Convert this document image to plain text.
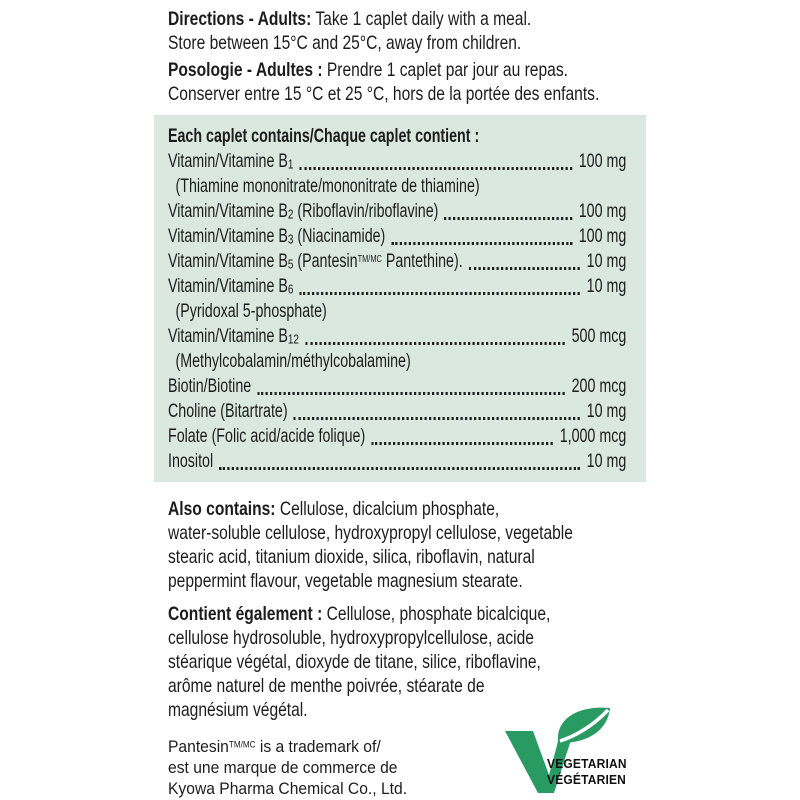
Directions - Adults: Take 1 caplet daily with a meal.
Store between 15°C and 25°C, away from children.
Posologie - Adultes : Prendre 1 caplet par jour au repas.
Conserver entre 15 °C et 25 °C, hors de la portée des enfants.
Each caplet contains/Chaque caplet contient :
Vitamin/Vitamine $B_1$	100 mg
(Thiamine mononitrate/mononitrate de thiamine)
Vitamin/Vitamine $B_2$ (Riboflavin/riboflavine)	100 mg
Vitamin/Vitamine $B_3$ (Niacinamide)	100 mg
Vitamin/Vitamine $B_5$ (Pantesin$^{TM/MC}$ Pantethine).	10 mg
Vitamin/Vitamine $B_6$	10 mg
(Pyridoxal 5-phosphate)
Vitamin/Vitamine $B_{12}$	500 mcg
(Methylcobalamin/méthylcobalamine)
Biotin/Biotine	200 mcg
Choline (Bitartrate)	10 mg
Folate (Folic acid/acide folique)	1,000 mcg
Inositol	10 mg
Also contains: Cellulose, dicalcium phosphate,
water-soluble cellulose, hydroxypropyl cellulose, vegetable
stearic acid, titanium dioxide, silica, riboflavin, natural
peppermint flavour, vegetable magnesium stearate.
Contient également : Cellulose, phosphate bicalcique,
cellulose hydrosoluble, hydroxypropylcellulose, acide
stéarique végétal, dioxyde de titane, silice, riboflavine,
arôme naturel de menthe poivrée, stéarate de
magnésium végétal.
Pantesin$^{TM/MC}$ is a trademark of/
est une marque de commerce de
Kyowa Pharma Chemical Co., Ltd.
VEGETARIAN
VÉGÉTARIEN
